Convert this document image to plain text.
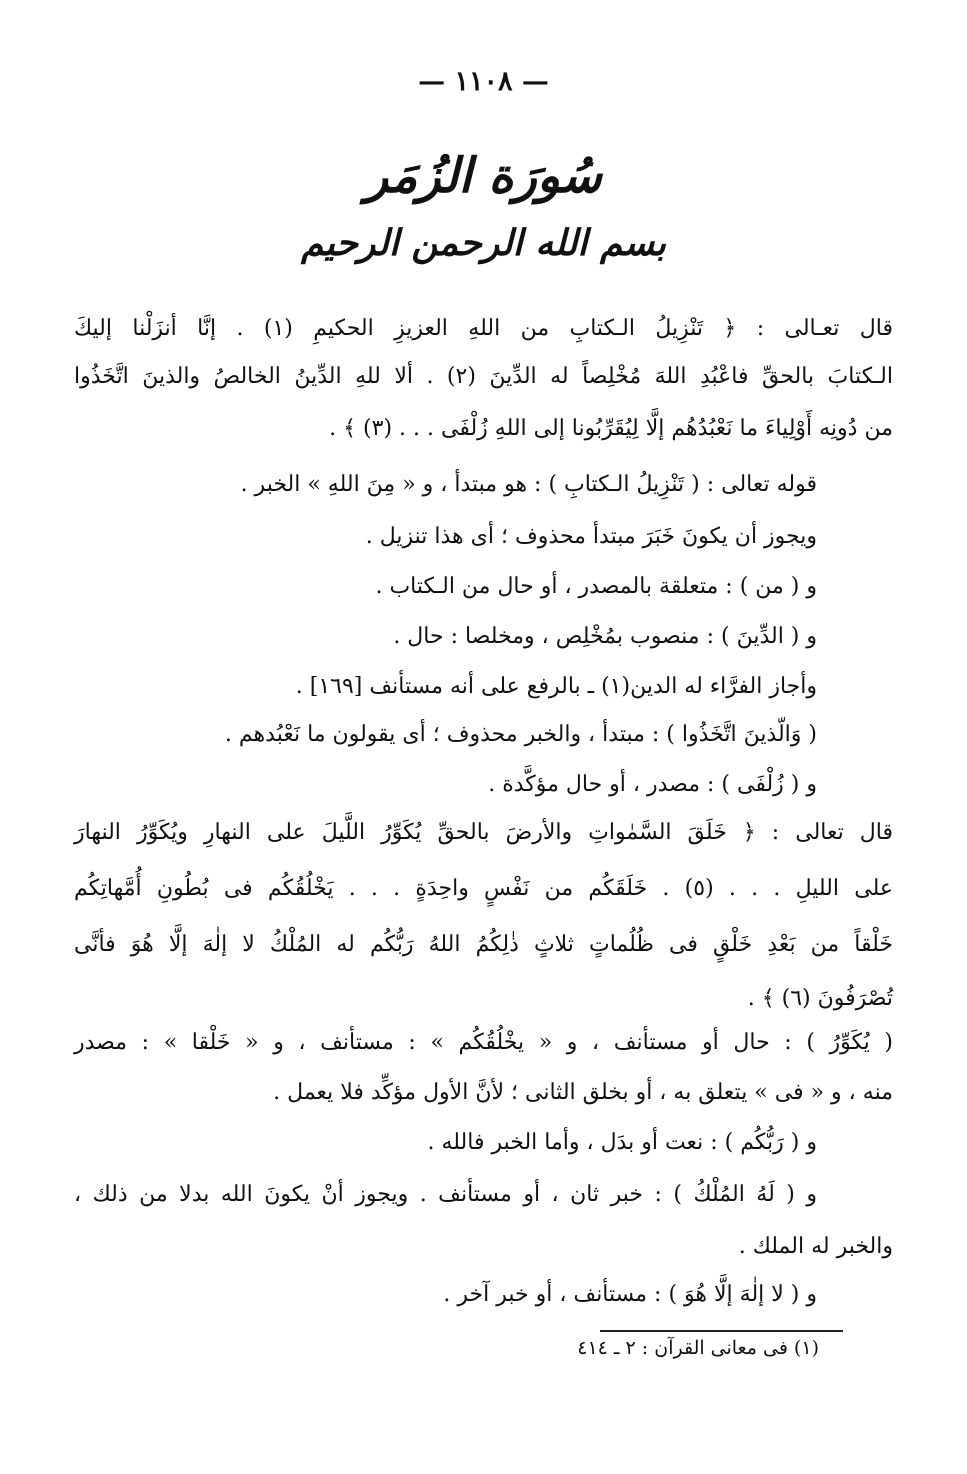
— ١١٠٨ —
سُورَة الزُمَر
بسم الله الرحمن الرحيم
قال تعـالى : ﴿ تَنْزِيلُ الـكتابِ من اللهِ العزيزِ الحكيمِ (١) . إنَّا أنزَلْنا إليكَ
الـكتابَ بالحقِّ فاعْبُدِ اللهَ مُخْلِصاً له الدِّينَ (٢) . ألا للهِ الدِّينُ الخالصُ والذينَ اتَّخَذُوا
من دُونِه أَوْلِياءَ ما نَعْبُدُهُم إلَّا لِيُقَرِّبُونا إلى اللهِ زُلْفَى . . . (٣) ﴾ .
قوله تعالى : ( تَنْزِيلُ الـكتابِ ) : هو مبتدأ ، و « مِنَ اللهِ » الخبر .
ويجوز أن يكونَ خَبَرَ مبتدأ محذوف ؛ أى هذا تنزيل .
و ( من ) : متعلقة بالمصدر ، أو حال من الـكتاب .
و ( الدِّينَ ) : منصوب بمُخْلِص ، ومخلصا : حال .
وأجاز الفرَّاء له الدين(١) ـ بالرفع على أنه مستأنف [١٦٩] .
( وَالّذينَ اتَّخَذُوا ) : مبتدأ ، والخبر محذوف ؛ أى يقولون ما نَعْبُدهم .
و ( زُلْفَى ) : مصدر ، أو حال مؤكَّدة .
قال تعالى : ﴿ خَلَقَ السَّمٰواتِ والأرضَ بالحقِّ يُكَوِّرُ اللَّيلَ على النهارِ ويُكَوِّرُ النهارَ
على الليلِ . . . (٥) . خَلَقَكُم من نَفْسٍ واحِدَةٍ . . . يَخْلُقُكُم فى بُطُونِ أُمَّهاتِكُم
خَلْقاً من بَعْدِ خَلْقٍ فى ظُلُماتٍ ثلاثٍ ذٰلِكُمُ اللهُ رَبُّكُم له المُلْكُ لا إلٰهَ إلَّا هُوَ فأنَّى
تُصْرَفُونَ (٦) ﴾ .
( يُكَوِّرُ ) : حال أو مستأنف ، و « يخْلُقُكُم » : مستأنف ، و « خَلْقا » : مصدر
منه ، و « فى » يتعلق به ، أو بخلق الثانى ؛ لأنَّ الأول مؤكِّد فلا يعمل .
و ( رَبُّكُم ) : نعت أو بدَل ، وأما الخبر فالله .
و ( لَهُ المُلْكُ ) : خبر ثان ، أو مستأنف . ويجوز أنْ يكونَ الله بدلا من ذلك ،
والخبر له الملك .
و ( لا إلٰهَ إلَّا هُوَ ) : مستأنف ، أو خبر آخر .
(١) فى معانى القرآن : ٢ ـ ٤١٤
